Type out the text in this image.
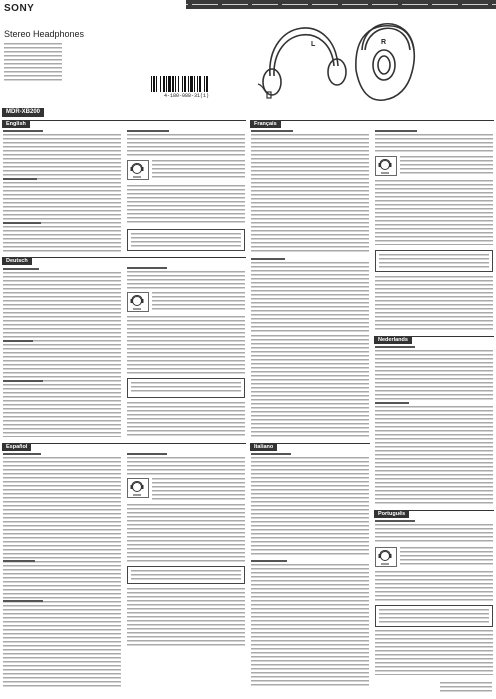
SONY
Stereo Headphones
4-180-088-31(1)
L	R
MDR-XB200
English	Français
Deutsch
Español	Italiano
Nederlands
Português
